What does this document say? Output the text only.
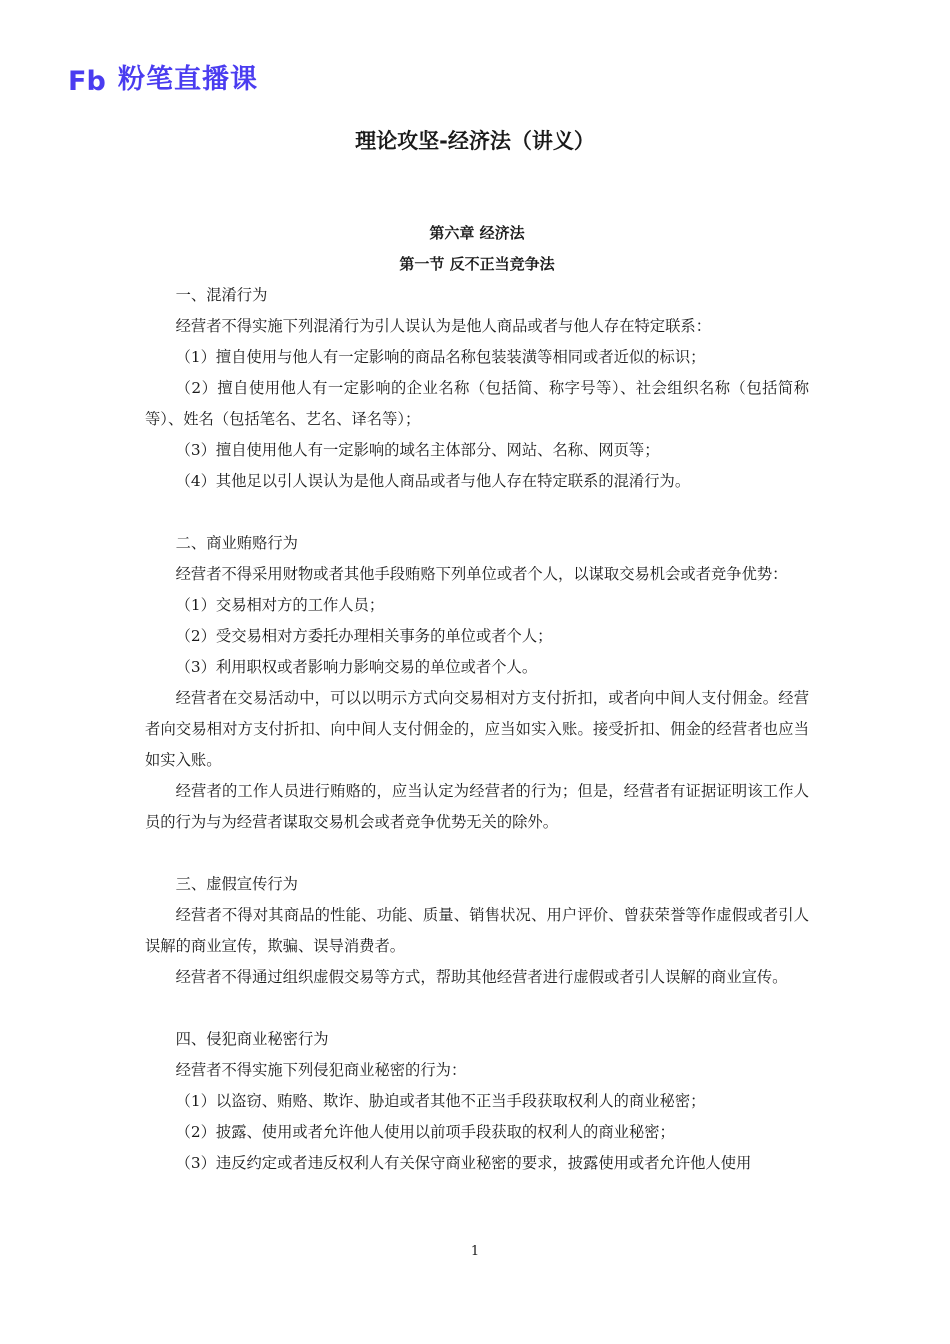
Fb 粉笔直播课
理论攻坚-经济法（讲义）

第六章 经济法

第一节 反不正当竞争法

一、混淆行为

经营者不得实施下列混淆行为引人误认为是他人商品或者与他人存在特定联系：

（1）擅自使用与他人有一定影响的商品名称包装装潢等相同或者近似的标识；

（2）擅自使用他人有一定影响的企业名称（包括简、称字号等）、社会组织名称（包括简称等）、姓名（包括笔名、艺名、译名等）；

（3）擅自使用他人有一定影响的域名主体部分、网站、名称、网页等；

（4）其他足以引人误认为是他人商品或者与他人存在特定联系的混淆行为。

二、商业贿赂行为

经营者不得采用财物或者其他手段贿赂下列单位或者个人，以谋取交易机会或者竞争优势：

（1）交易相对方的工作人员；

（2）受交易相对方委托办理相关事务的单位或者个人；

（3）利用职权或者影响力影响交易的单位或者个人。

经营者在交易活动中，可以以明示方式向交易相对方支付折扣，或者向中间人支付佣金。经营者向交易相对方支付折扣、向中间人支付佣金的，应当如实入账。接受折扣、佣金的经营者也应当如实入账。

经营者的工作人员进行贿赂的，应当认定为经营者的行为；但是，经营者有证据证明该工作人员的行为与为经营者谋取交易机会或者竞争优势无关的除外。

三、虚假宣传行为

经营者不得对其商品的性能、功能、质量、销售状况、用户评价、曾获荣誉等作虚假或者引人误解的商业宣传，欺骗、误导消费者。

经营者不得通过组织虚假交易等方式，帮助其他经营者进行虚假或者引人误解的商业宣传。

四、侵犯商业秘密行为

经营者不得实施下列侵犯商业秘密的行为：

（1）以盗窃、贿赂、欺诈、胁迫或者其他不正当手段获取权利人的商业秘密；

（2）披露、使用或者允许他人使用以前项手段获取的权利人的商业秘密；

（3）违反约定或者违反权利人有关保守商业秘密的要求，披露使用或者允许他人使用

1
